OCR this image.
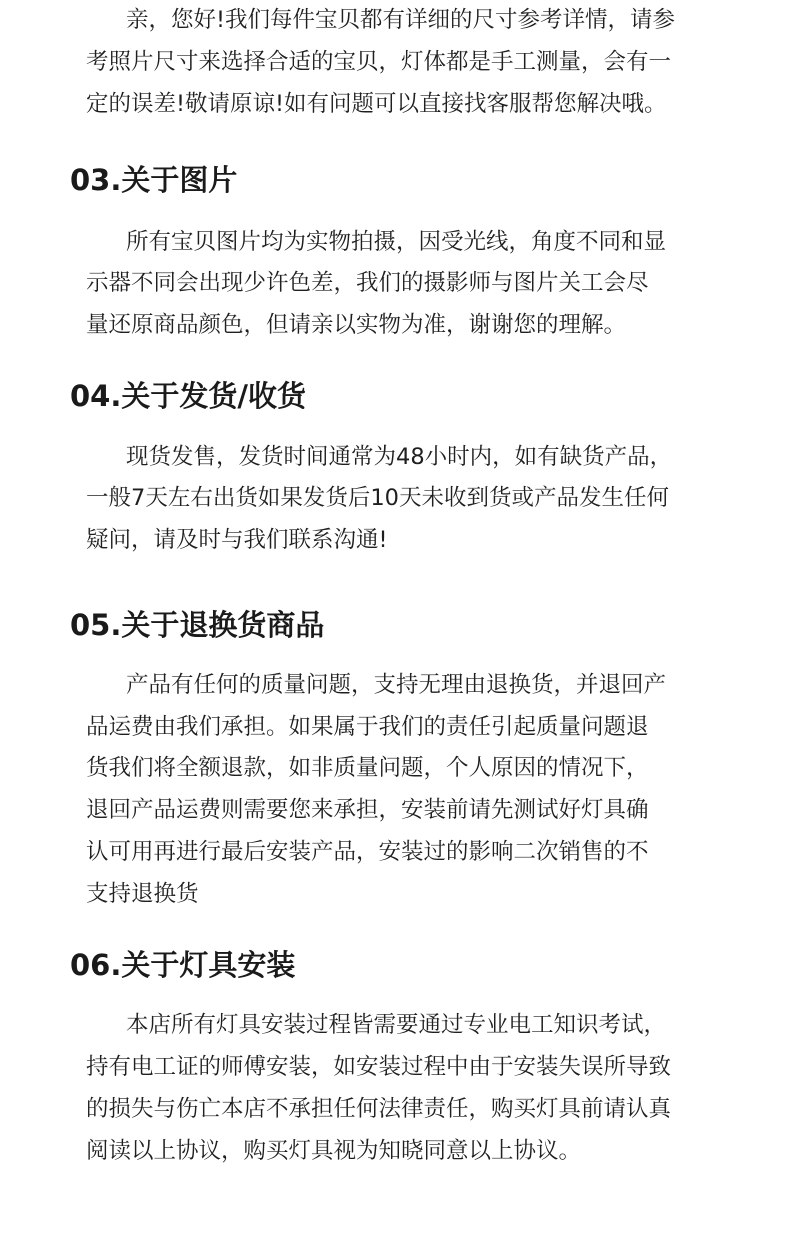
亲，您好!我们每件宝贝都有详细的尺寸参考详情，请参
考照片尺寸来选择合适的宝贝，灯体都是手工测量，会有一
定的误差!敬请原谅!如有问题可以直接找客服帮您解决哦。
03.关于图片
所有宝贝图片均为实物拍摄，因受光线，角度不同和显
示器不同会出现少许色差，我们的摄影师与图片关工会尽
量还原商品颜色，但请亲以实物为准，谢谢您的理解。
04.关于发货/收货
现货发售，发货时间通常为48小时内，如有缺货产品，
一般7天左右出货如果发货后10天未收到货或产品发生任何
疑问，请及时与我们联系沟通!
05.关于退换货商品
产品有任何的质量问题，支持无理由退换货，并退回产
品运费由我们承担。如果属于我们的责任引起质量问题退
货我们将全额退款，如非质量问题，个人原因的情况下，
退回产品运费则需要您来承担，安装前请先测试好灯具确
认可用再进行最后安装产品，安装过的影响二次销售的不
支持退换货
06.关于灯具安装
本店所有灯具安装过程皆需要通过专业电工知识考试，
持有电工证的师傅安装，如安装过程中由于安装失误所导致
的损失与伤亡本店不承担任何法律责任，购买灯具前请认真
阅读以上协议，购买灯具视为知晓同意以上协议。
